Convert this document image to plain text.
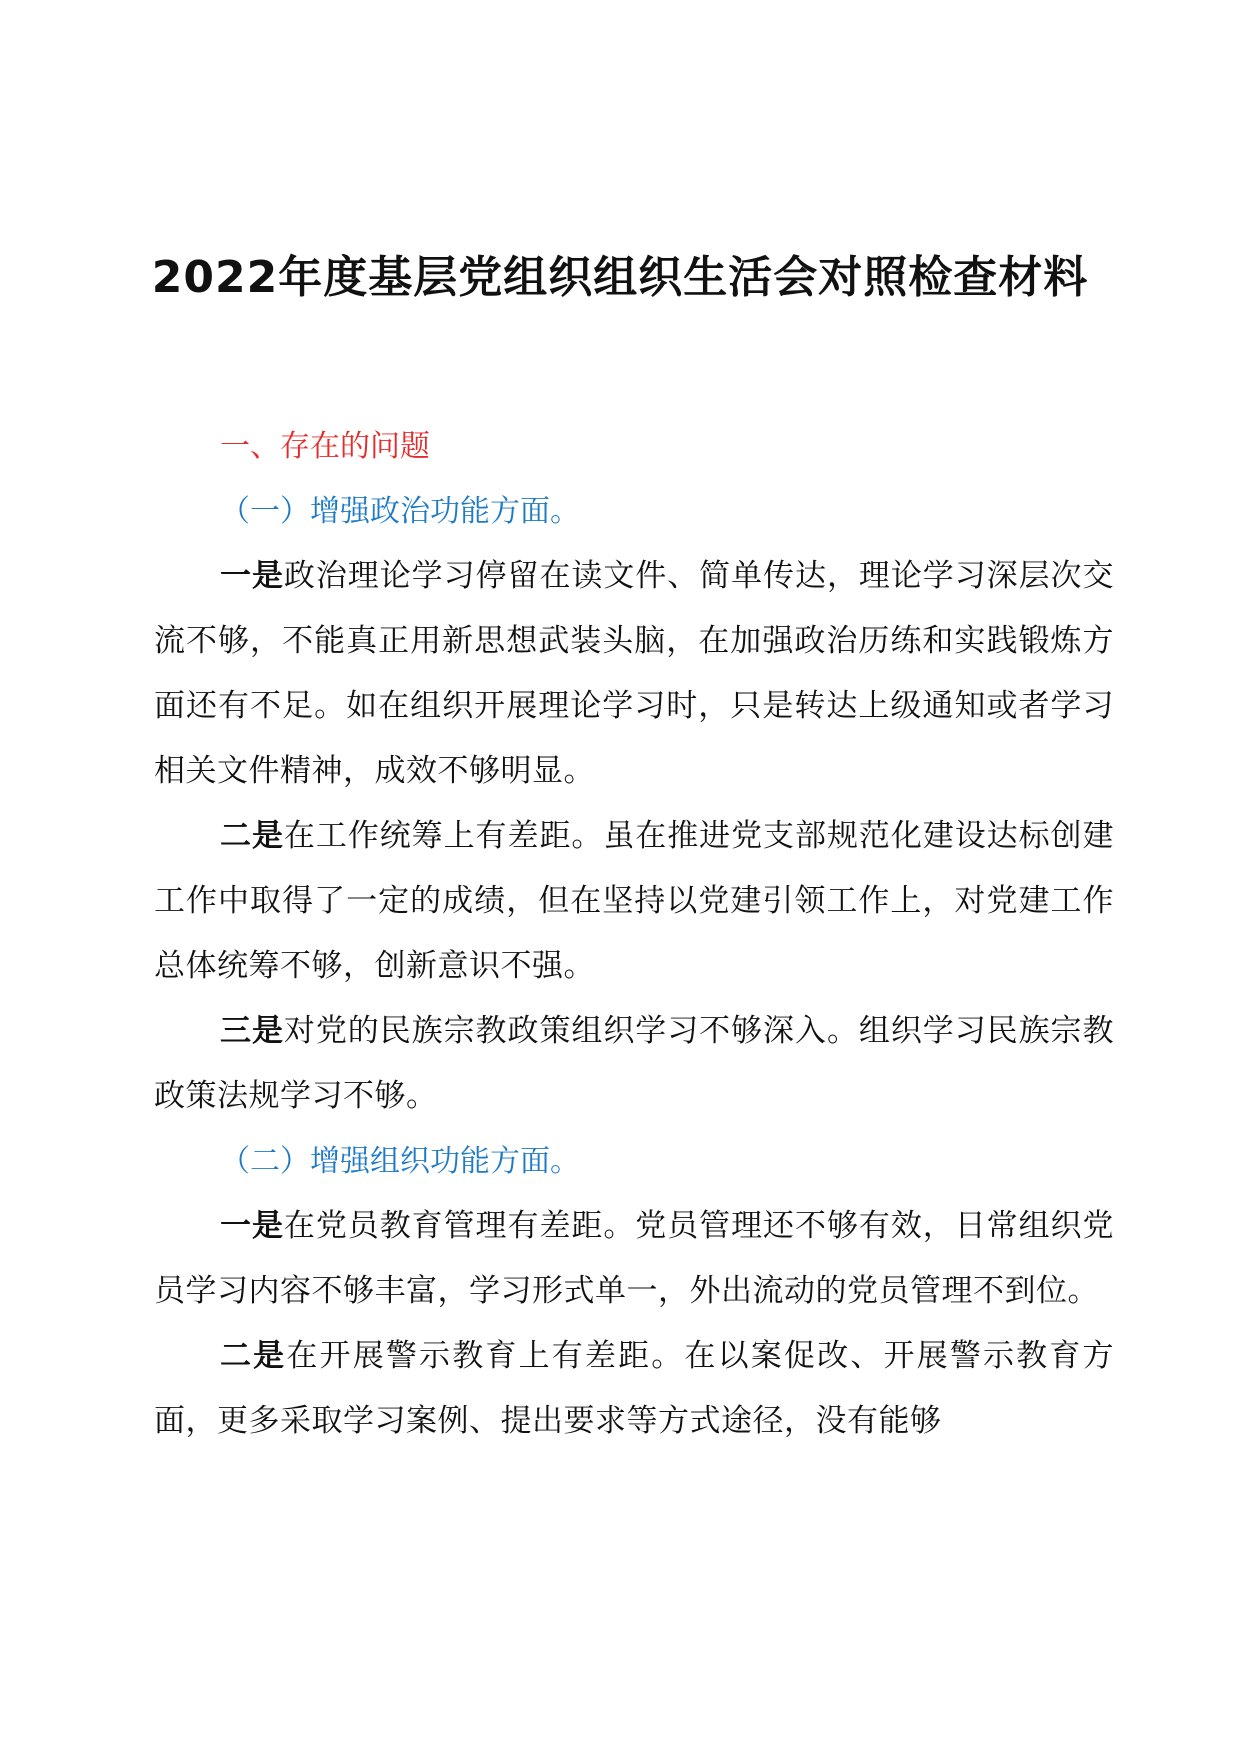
2022年度基层党组织组织生活会对照检查材料

一、存在的问题

（一）增强政治功能方面。

一是政治理论学习停留在读文件、简单传达，理论学习深层次交流不够，不能真正用新思想武装头脑，在加强政治历练和实践锻炼方面还有不足。如在组织开展理论学习时，只是转达上级通知或者学习相关文件精神，成效不够明显。

二是在工作统筹上有差距。虽在推进党支部规范化建设达标创建工作中取得了一定的成绩，但在坚持以党建引领工作上，对党建工作总体统筹不够，创新意识不强。

三是对党的民族宗教政策组织学习不够深入。组织学习民族宗教政策法规学习不够。

（二）增强组织功能方面。

一是在党员教育管理有差距。党员管理还不够有效，日常组织党员学习内容不够丰富，学习形式单一，外出流动的党员管理不到位。

二是在开展警示教育上有差距。在以案促改、开展警示教育方面，更多采取学习案例、提出要求等方式途径，没有能够
